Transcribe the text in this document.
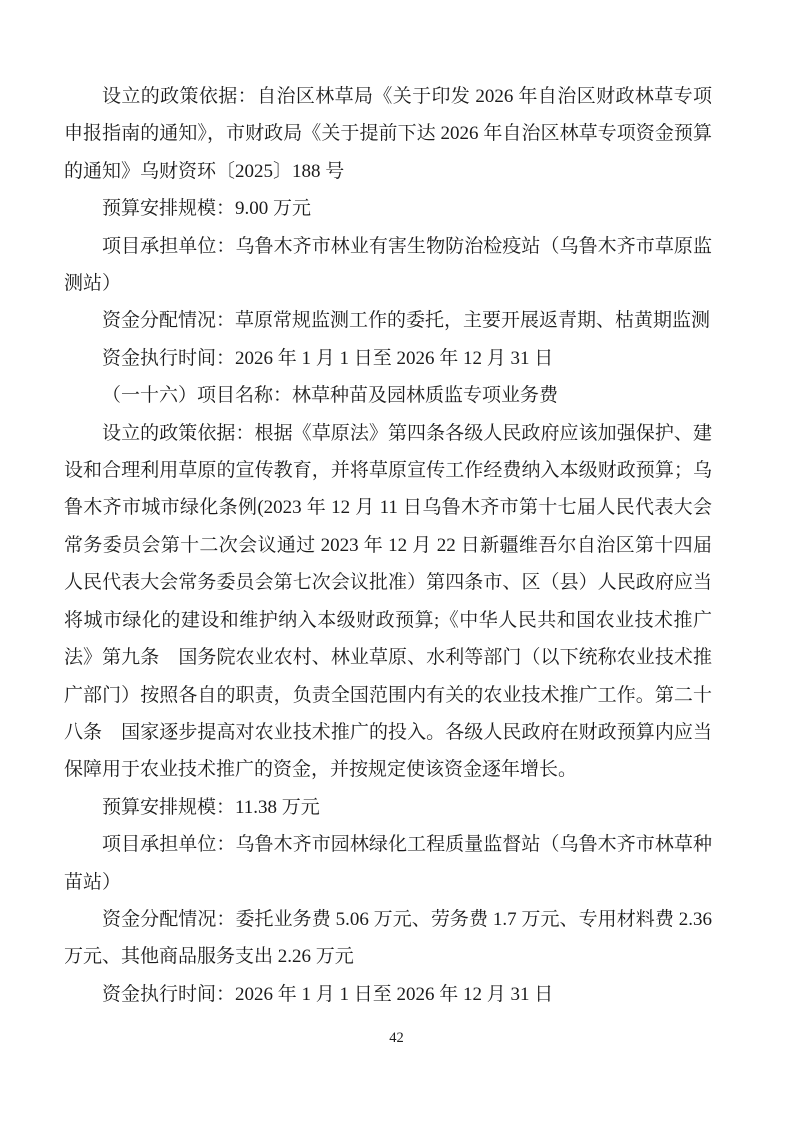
设立的政策依据：自治区林草局《关于印发 2026 年自治区财政林草专项
申报指南的通知》，市财政局《关于提前下达 2026 年自治区林草专项资金预算
的通知》乌财资环〔2025〕188 号
预算安排规模：9.00 万元
项目承担单位：乌鲁木齐市林业有害生物防治检疫站（乌鲁木齐市草原监
测站）
资金分配情况：草原常规监测工作的委托，主要开展返青期、枯黄期监测
资金执行时间：2026 年 1 月 1 日至 2026 年 12 月 31 日
（一十六）项目名称：林草种苗及园林质监专项业务费
设立的政策依据：根据《草原法》第四条各级人民政府应该加强保护、建
设和合理利用草原的宣传教育，并将草原宣传工作经费纳入本级财政预算；乌
鲁木齐市城市绿化条例(2023 年 12 月 11 日乌鲁木齐市第十七届人民代表大会
常务委员会第十二次会议通过 2023 年 12 月 22 日新疆维吾尔自治区第十四届
人民代表大会常务委员会第七次会议批准）第四条市、区（县）人民政府应当
将城市绿化的建设和维护纳入本级财政预算;《中华人民共和国农业技术推广
法》第九条　国务院农业农村、林业草原、水利等部门（以下统称农业技术推
广部门）按照各自的职责，负责全国范围内有关的农业技术推广工作。第二十
八条　国家逐步提高对农业技术推广的投入。各级人民政府在财政预算内应当
保障用于农业技术推广的资金，并按规定使该资金逐年增长。
预算安排规模：11.38 万元
项目承担单位：乌鲁木齐市园林绿化工程质量监督站（乌鲁木齐市林草种
苗站）
资金分配情况：委托业务费 5.06 万元、劳务费 1.7 万元、专用材料费 2.36
万元、其他商品服务支出 2.26 万元
资金执行时间：2026 年 1 月 1 日至 2026 年 12 月 31 日
42
